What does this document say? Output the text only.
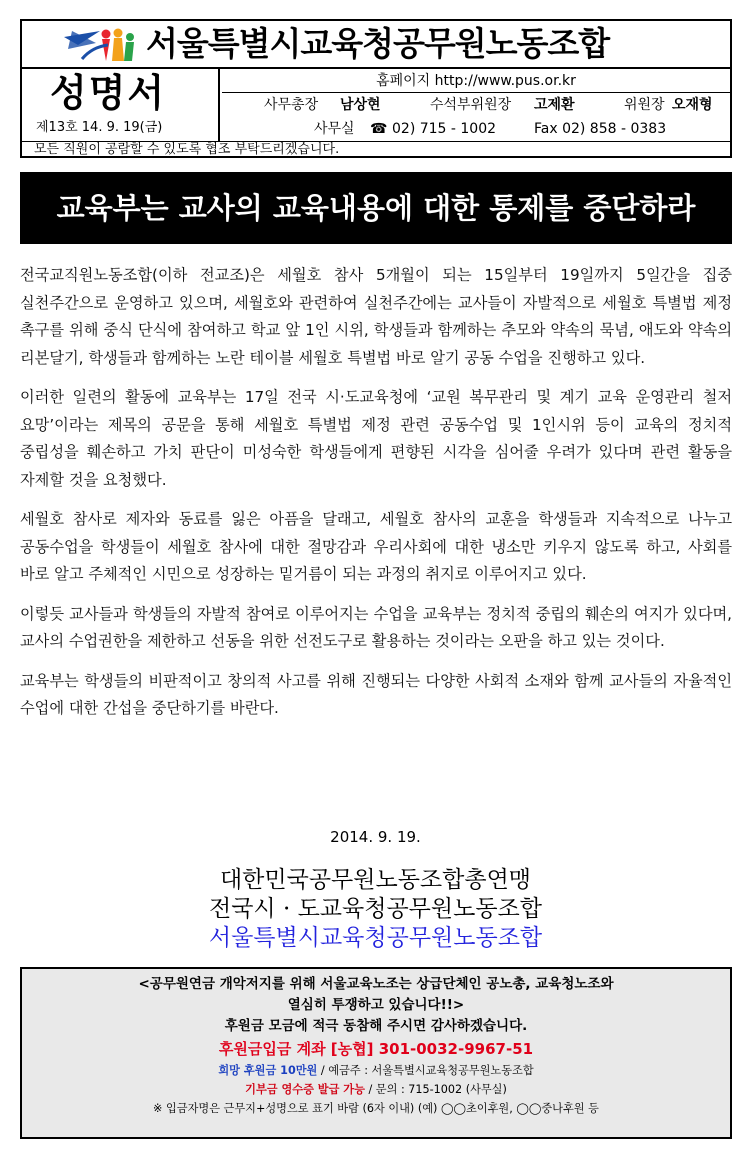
서울특별시교육청공무원노동조합
성명서
제13호 14. 9. 19(금)
홈페이지 http://www.pus.or.kr
사무총장 남상현	수석부위원장 고제환	위원장 오재형
사무실 ☎ 02) 715 - 1002	Fax 02) 858 - 0383
모든 직원이 공람할 수 있도록 협조 부탁드리겠습니다.
교육부는 교사의 교육내용에 대한 통제를 중단하라

전국교직원노동조합(이하 전교조)은 세월호 참사 5개월이 되는 15일부터 19일까지 5일간을 집중 실천주간으로 운영하고 있으며, 세월호와 관련하여 실천주간에는 교사들이 자발적으로 세월호 특별법 제정 촉구를 위해 중식 단식에 참여하고 학교 앞 1인 시위, 학생들과 함께하는 추모와 약속의 묵념, 애도와 약속의 리본달기, 학생들과 함께하는 노란 테이블 세월호 특별법 바로 알기 공동 수업을 진행하고 있다.

이러한 일련의 활동에 교육부는 17일 전국 시·도교육청에 ‘교원 복무관리 및 계기 교육 운영관리 철저 요망’이라는 제목의 공문을 통해 세월호 특별법 제정 관련 공동수업 및 1인시위 등이 교육의 정치적 중립성을 훼손하고 가치 판단이 미성숙한 학생들에게 편향된 시각을 심어줄 우려가 있다며 관련 활동을 자제할 것을 요청했다.

세월호 참사로 제자와 동료를 잃은 아픔을 달래고, 세월호 참사의 교훈을 학생들과 지속적으로 나누고 공동수업을 학생들이 세월호 참사에 대한 절망감과 우리사회에 대한 냉소만 키우지 않도록 하고, 사회를 바로 알고 주체적인 시민으로 성장하는 밑거름이 되는 과정의 취지로 이루어지고 있다.

이렇듯 교사들과 학생들의 자발적 참여로 이루어지는 수업을 교육부는 정치적 중립의 훼손의 여지가 있다며, 교사의 수업권한을 제한하고 선동을 위한 선전도구로 활용하는 것이라는 오판을 하고 있는 것이다.

교육부는 학생들의 비판적이고 창의적 사고를 위해 진행되는 다양한 사회적 소재와 함께 교사들의 자율적인 수업에 대한 간섭을 중단하기를 바란다.

2014. 9. 19.
대한민국공무원노동조합총연맹
전국시 · 도교육청공무원노동조합
서울특별시교육청공무원노동조합
<공무원연금 개악저지를 위해 서울교육노조는 상급단체인 공노총, 교육청노조와
열심히 투쟁하고 있습니다!!>
후원금 모금에 적극 동참해 주시면 감사하겠습니다.
후원금입금 계좌 [농협] 301-0032-9967-51
희망 후원금 10만원 / 예금주 : 서울특별시교육청공무원노동조합
기부금 영수증 발급 가능 / 문의 : 715-1002 (사무실)
※ 입금자명은 근무지+성명으로 표기 바람 (6자 이내) (예) ◯◯초이후원, ◯◯중나후원 등
